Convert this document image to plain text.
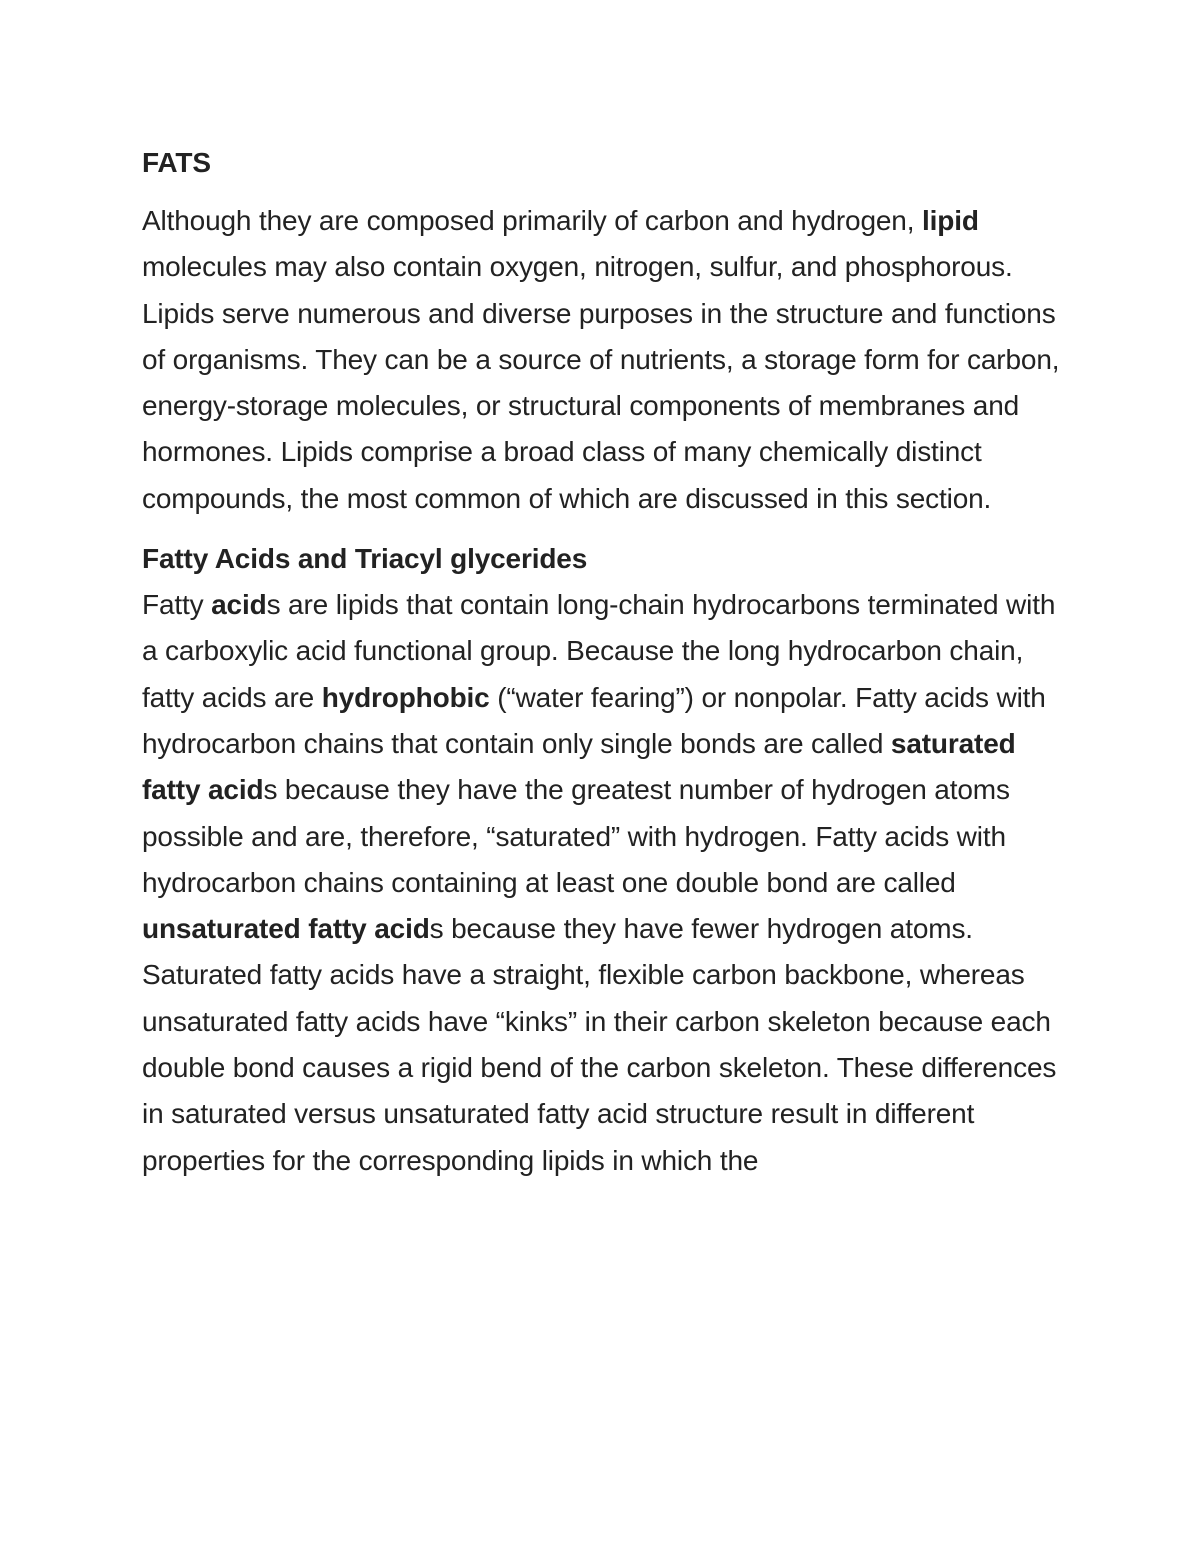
FATS

Although they are composed primarily of carbon and hydrogen, lipid molecules may also contain oxygen, nitrogen, sulfur, and phosphorous. Lipids serve numerous and diverse purposes in the structure and functions of organisms. They can be a source of nutrients, a storage form for carbon, energy-storage molecules, or structural components of membranes and hormones. Lipids comprise a broad class of many chemically distinct compounds, the most common of which are discussed in this section.

Fatty Acids and Triacyl glycerides

Fatty acids are lipids that contain long-chain hydrocarbons terminated with a carboxylic acid functional group. Because the long hydrocarbon chain, fatty acids are hydrophobic (“water fearing”) or nonpolar. Fatty acids with hydrocarbon chains that contain only single bonds are called saturated fatty acids because they have the greatest number of hydrogen atoms possible and are, therefore, “saturated” with hydrogen. Fatty acids with hydrocarbon chains containing at least one double bond are called unsaturated fatty acids because they have fewer hydrogen atoms. Saturated fatty acids have a straight, flexible carbon backbone, whereas unsaturated fatty acids have “kinks” in their carbon skeleton because each double bond causes a rigid bend of the carbon skeleton. These differences in saturated versus unsaturated fatty acid structure result in different properties for the corresponding lipids in which the
